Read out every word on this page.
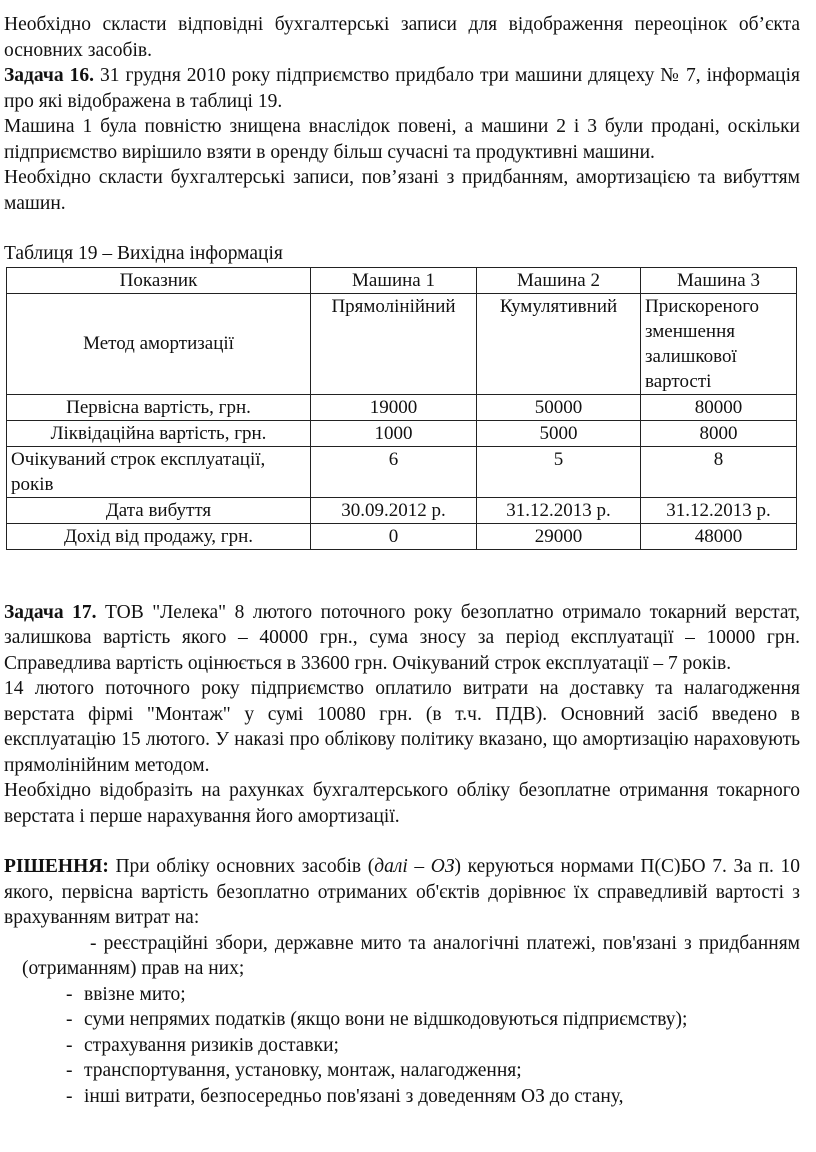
Необхідно скласти відповідні бухгалтерські записи для відображення переоцінок об’єкта основних засобів.

Задача 16. 31 грудня 2010 року підприємство придбало три машини дляцеху № 7, інформація про які відображена в таблиці 19.

Машина 1 була повністю знищена внаслідок повені, а машини 2 і 3 були продані, оскільки підприємство вирішило взяти в оренду більш сучасні та продуктивні машини.

Необхідно скласти бухгалтерські записи, пов’язані з придбанням, амортизацією та вибуттям машин.

Таблиця 19 – Вихідна інформація

Показник	Машина 1	Машина 2	Машина 3
Метод амортизації	Прямолінійний	Кумулятивний	Прискореного зменшення залишкової вартості
Первісна вартість, грн.	19000	50000	80000
Ліквідаційна вартість, грн.	1000	5000	8000
Очікуваний строк експлуатації, років	6	5	8
Дата вибуття	30.09.2012 р.	31.12.2013 р.	31.12.2013 р.
Дохід від продажу, грн.	0	29000	48000

Задача 17. ТОВ "Лелека" 8 лютого поточного року безоплатно отримало токарний верстат, залишкова вартість якого – 40000 грн., сума зносу за період експлуатації – 10000 грн. Справедлива вартість оцінюється в 33600 грн. Очікуваний строк експлуатації – 7 років.

14 лютого поточного року підприємство оплатило витрати на доставку та налагодження верстата фірмі "Монтаж" у сумі 10080 грн. (в т.ч. ПДВ). Основний засіб введено в експлуатацію 15 лютого. У наказі про облікову політику вказано, що амортизацію нараховують прямолінійним методом.

Необхідно відобразіть на рахунках бухгалтерського обліку безоплатне отримання токарного верстата і перше нарахування його амортизації.

РІШЕННЯ: При обліку основних засобів (далі – ОЗ) керуються нормами П(С)БО 7. За п. 10 якого, первісна вартість безоплатно отриманих об'єктів дорівнює їх справедливій вартості з врахуванням витрат на:

- реєстраційні збори, державне мито та аналогічні платежі, пов'язані з придбанням (отриманням) прав на них;
- ввізне мито;
- суми непрямих податків (якщо вони не відшкодовуються підприємству);
- страхування ризиків доставки;
- транспортування, установку, монтаж, налагодження;
- інші витрати, безпосередньо пов'язані з доведенням ОЗ до стану,
